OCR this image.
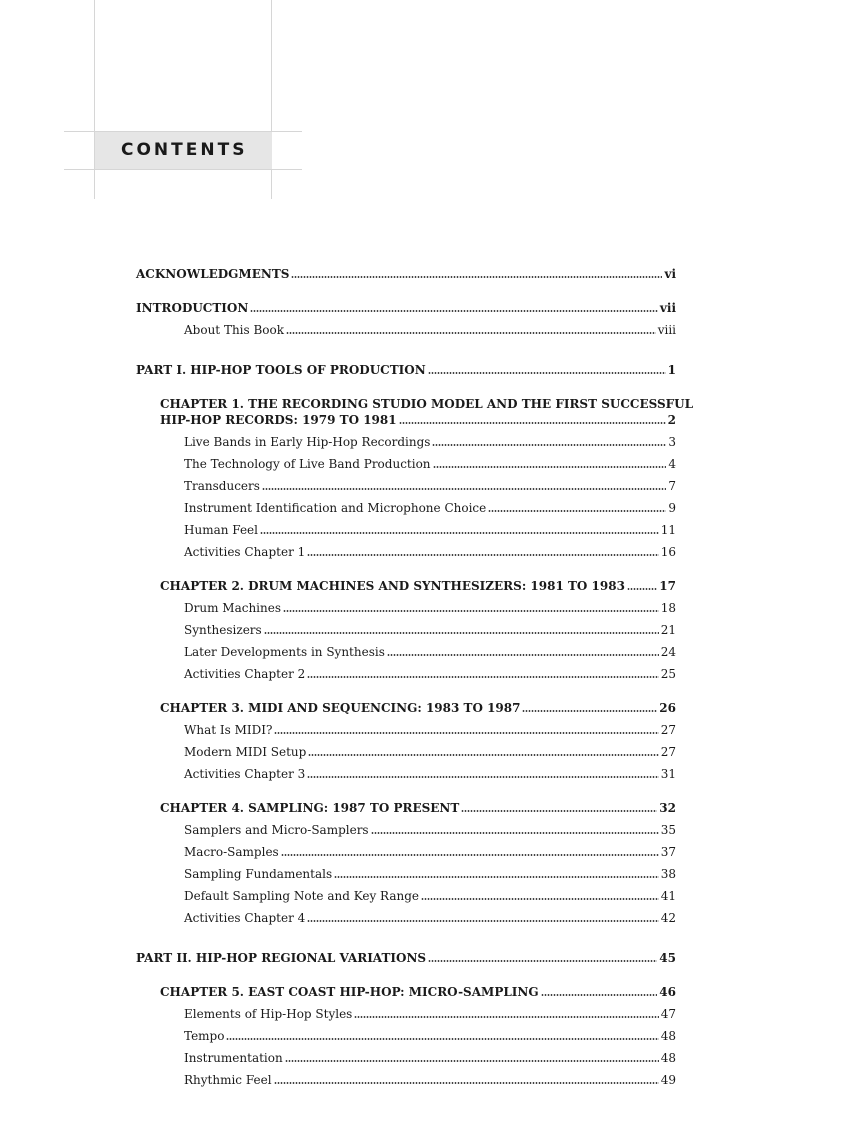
CONTENTS
ACKNOWLEDGMENTS	vi
INTRODUCTION	vii
About This Book	viii
PART I. HIP-HOP TOOLS OF PRODUCTION	1
CHAPTER 1. THE RECORDING STUDIO MODEL AND THE FIRST SUCCESSFUL
HIP-HOP RECORDS: 1979 TO 1981	2
Live Bands in Early Hip-Hop Recordings	3
The Technology of Live Band Production	4
Transducers	7
Instrument Identification and Microphone Choice	9
Human Feel	11
Activities Chapter 1	16
CHAPTER 2. DRUM MACHINES AND SYNTHESIZERS: 1981 TO 1983	17
Drum Machines	18
Synthesizers	21
Later Developments in Synthesis	24
Activities Chapter 2	25
CHAPTER 3. MIDI AND SEQUENCING: 1983 TO 1987	26
What Is MIDI?	27
Modern MIDI Setup	27
Activities Chapter 3	31
CHAPTER 4. SAMPLING: 1987 TO PRESENT	32
Samplers and Micro-Samplers	35
Macro-Samples	37
Sampling Fundamentals	38
Default Sampling Note and Key Range	41
Activities Chapter 4	42
PART II. HIP-HOP REGIONAL VARIATIONS	45
CHAPTER 5. EAST COAST HIP-HOP: MICRO-SAMPLING	46
Elements of Hip-Hop Styles	47
Tempo	48
Instrumentation	48
Rhythmic Feel	49
